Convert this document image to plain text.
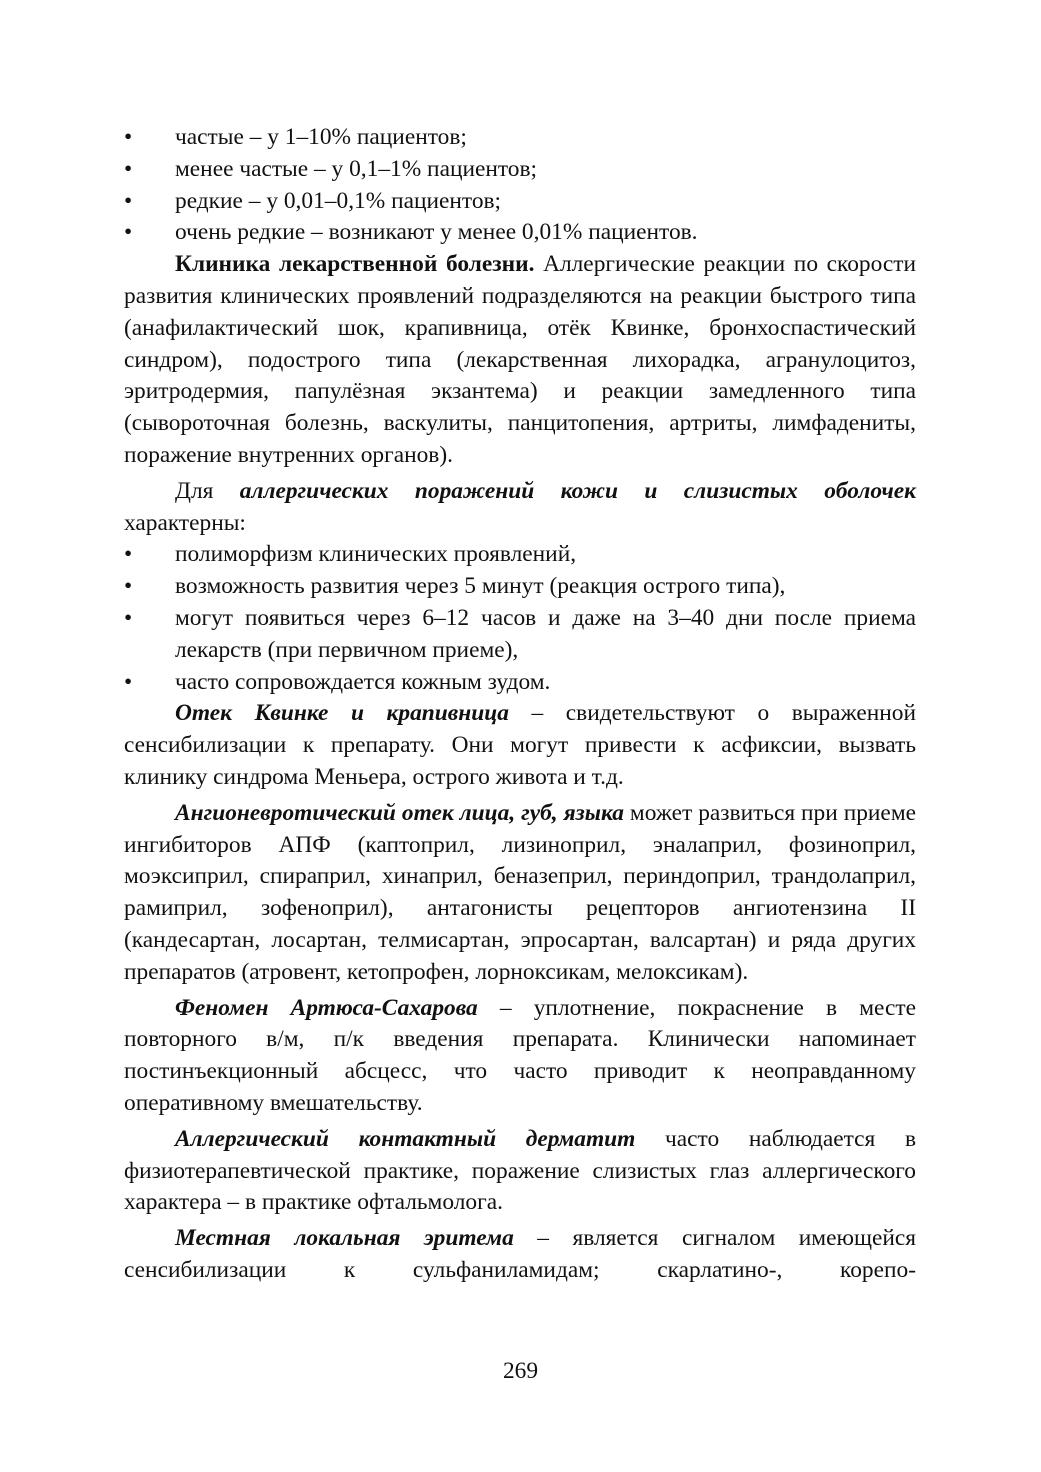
• частые – у 1–10% пациентов;
• менее частые – у 0,1–1% пациентов;
• редкие – у 0,01–0,1% пациентов;
• очень редкие – возникают у менее 0,01% пациентов.

Клиника лекарственной болезни. Аллергические реакции по скорости развития клинических проявлений подразделяются на реакции быстрого типа (анафилактический шок, крапивница, отёк Квинке, бронхоспастический синдром), подострого типа (лекарственная лихорадка, агранулоцитоз, эритродермия, папулёзная экзантема) и реакции замедленного типа (сывороточная болезнь, васкулиты, панцитопения, артриты, лимфадениты, поражение внутренних органов).

Для аллергических поражений кожи и слизистых оболочек характерны:

• полиморфизм клинических проявлений,
• возможность развития через 5 минут (реакция острого типа),
• могут появиться через 6–12 часов и даже на 3–40 дни после приема лекарств (при первичном приеме),
• часто сопровождается кожным зудом.

Отек Квинке и крапивница – свидетельствуют о выраженной сенсибилизации к препарату. Они могут привести к асфиксии, вызвать клинику синдрома Меньера, острого живота и т.д.

Ангионевротический отек лица, губ, языка может развиться при приеме ингибиторов АПФ (каптоприл, лизиноприл, эналаприл, фозиноприл, моэксиприл, спираприл, хинаприл, беназеприл, периндоприл, трандолаприл, рамиприл, зофеноприл), антагонисты рецепторов ангиотензина II (кандесартан, лосартан, телмисартан, эпросартан, валсартан) и ряда других препаратов (атровент, кетопрофен, лорноксикам, мелоксикам).

Феномен Артюса-Сахарова – уплотнение, покраснение в месте повторного в/м, п/к введения препарата. Клинически напоминает постинъекционный абсцесс, что часто приводит к неоправданному оперативному вмешательству.

Аллергический контактный дерматит часто наблюдается в физиотерапевтической практике, поражение слизистых глаз аллергического характера – в практике офтальмолога.

Местная локальная эритема – является сигналом имеющейся сенсибилизации к сульфаниламидам; скарлатино-, корепо-

269
